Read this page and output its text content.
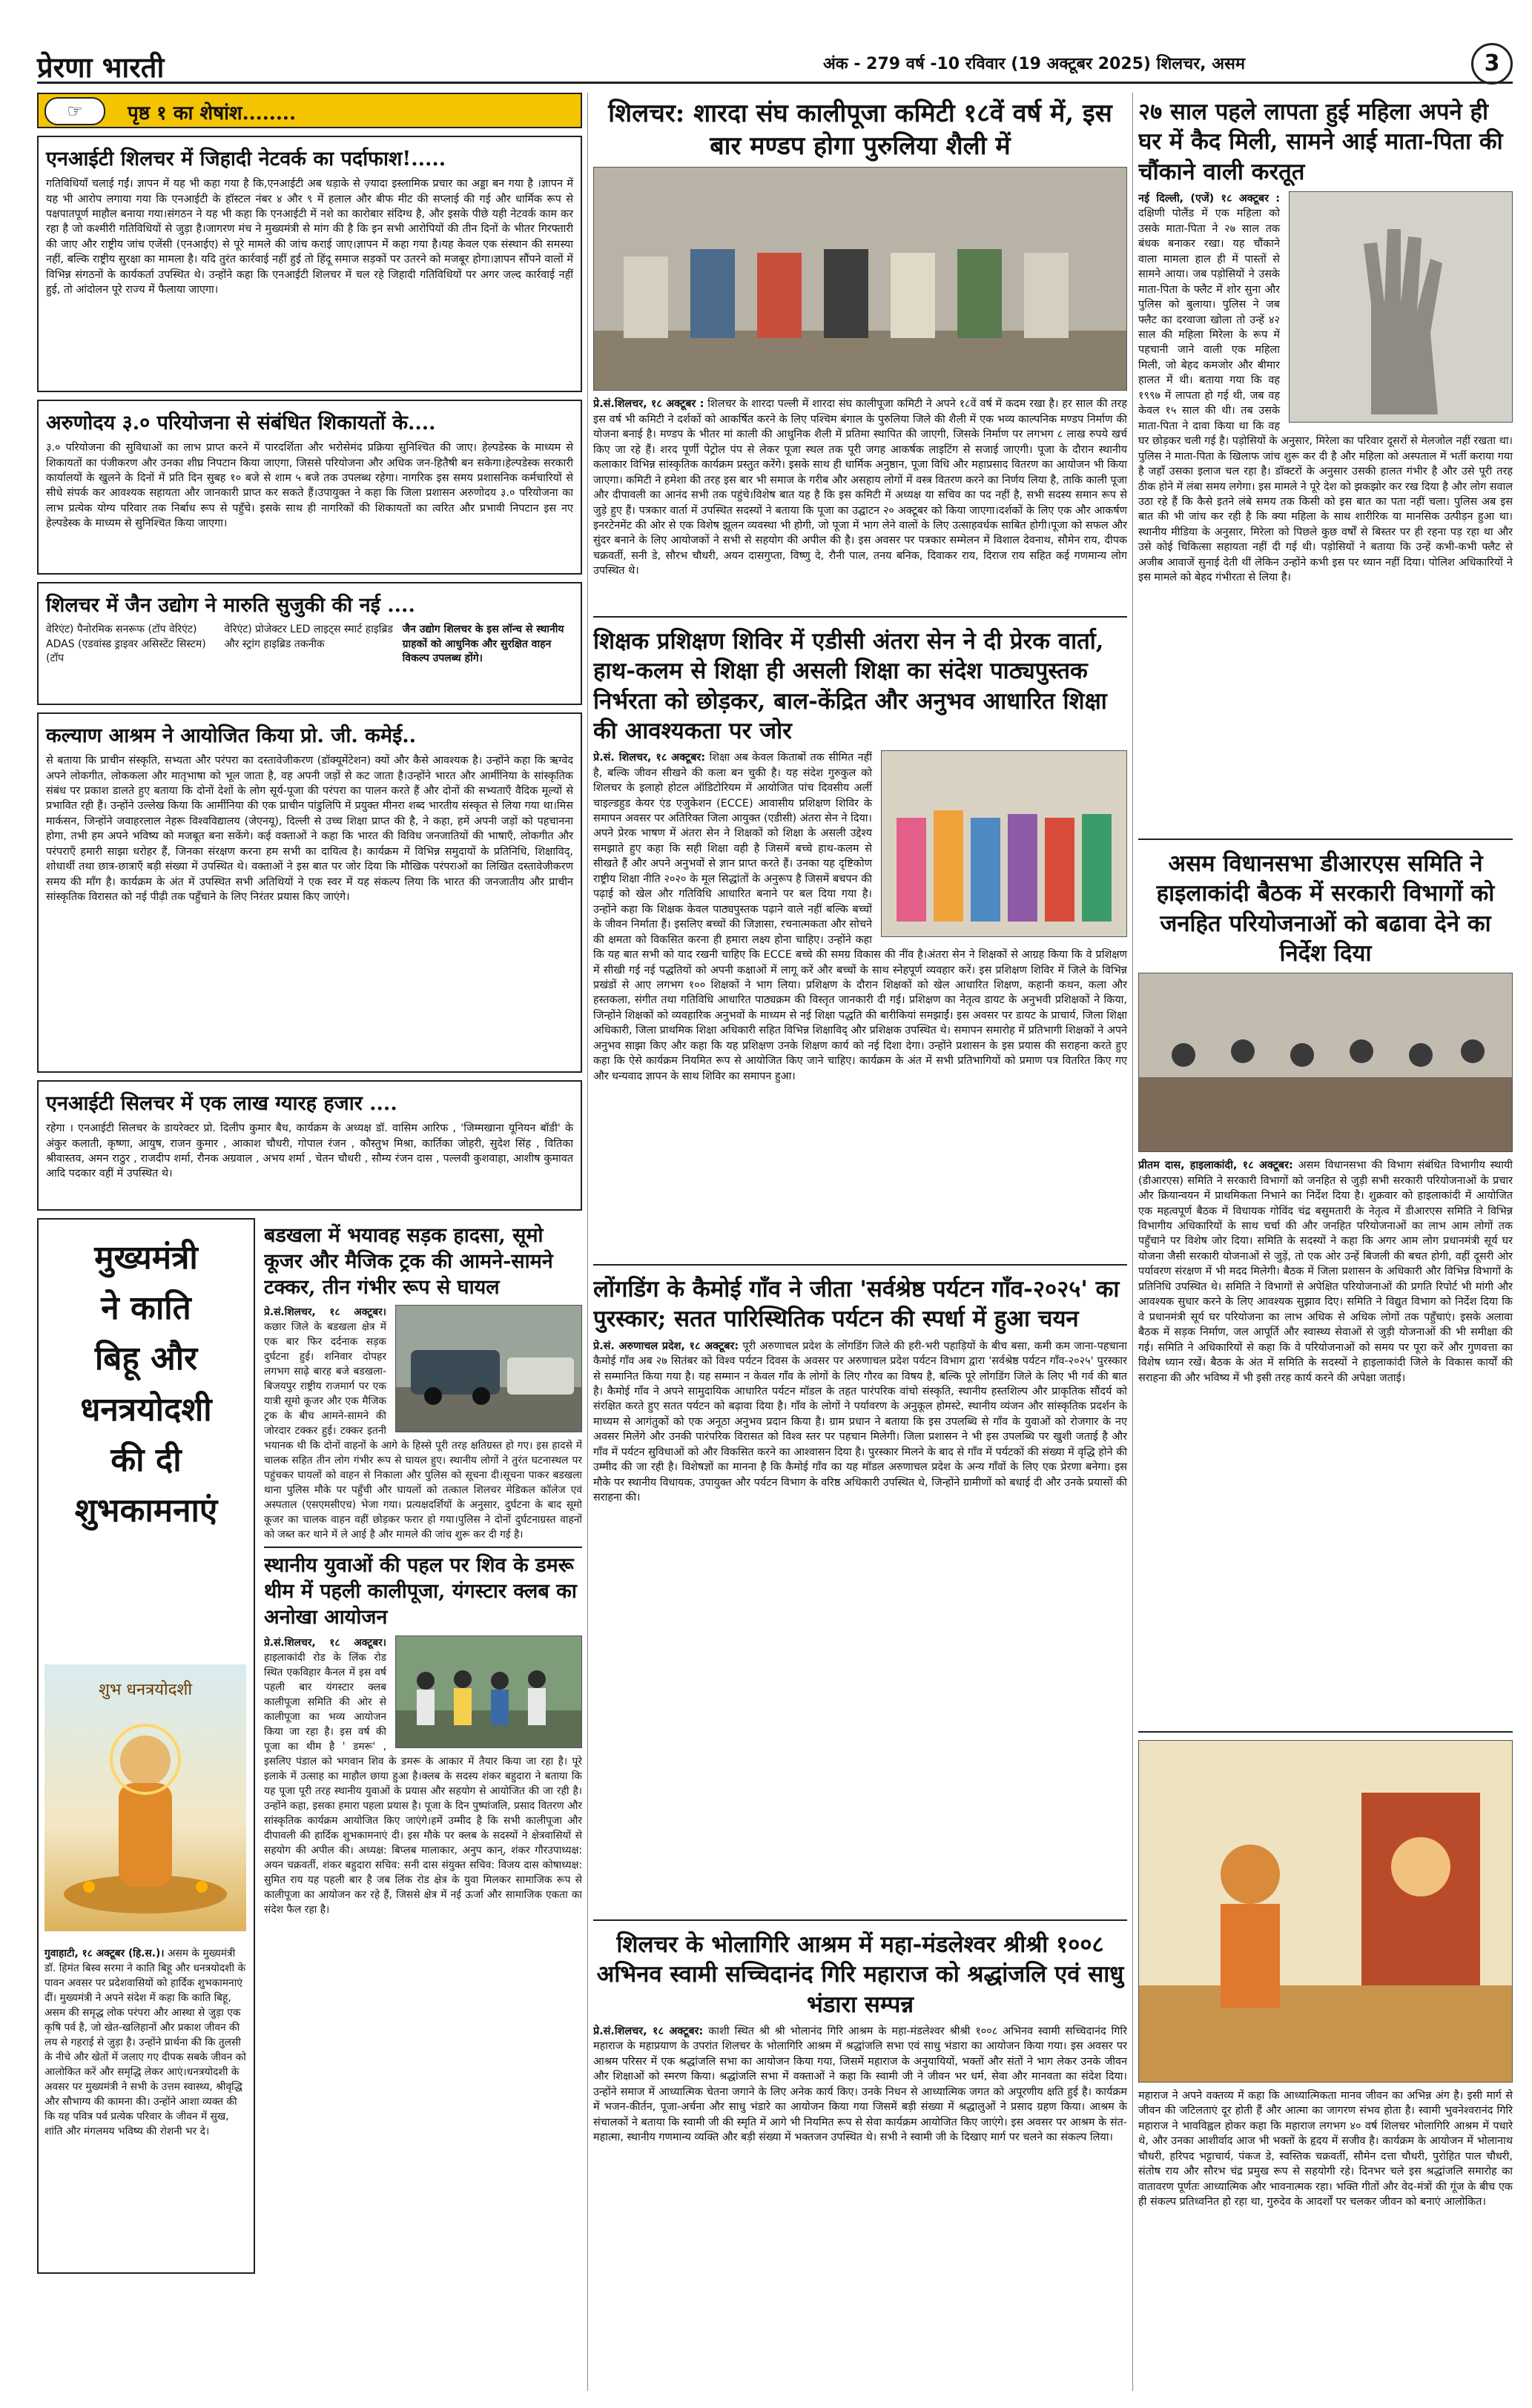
प्रेरणा भारती	अंक - 279 वर्ष -10 रविवार (19 अक्टूबर 2025) शिलचर, असम	3
☞	पृष्ठ १ का शेषांश........
एनआईटी शिलचर में जिहादी नेटवर्क का पर्दाफाश!.....

गतिविधियाँ चलाई गईं। ज्ञापन में यह भी कहा गया है कि,एनआईटी अब धड़ाके से ज़्यादा इस्लामिक प्रचार का अड्डा बन गया है ।ज्ञापन में यह भी आरोप लगाया गया कि एनआईटी के हॉस्टल नंबर ४ और ९ में हलाल और बीफ मीट की सप्लाई की गई और धार्मिक रूप से पक्षपातपूर्ण माहौल बनाया गया।संगठन ने यह भी कहा कि एनआईटी में नशे का कारोबार संदिग्ध है, और इसके पीछे यही नेटवर्क काम कर रहा है जो कश्मीरी गतिविधियों से जुड़ा है।जागरण मंच ने मुख्यमंत्री से मांग की है कि इन सभी आरोपियों की तीन दिनों के भीतर गिरफ्तारी की जाए और राष्ट्रीय जांच एजेंसी (एनआईए) से पूरे मामले की जांच कराई जाए।ज्ञापन में कहा गया है।यह केवल एक संस्थान की समस्या नहीं, बल्कि राष्ट्रीय सुरक्षा का मामला है। यदि तुरंत कार्रवाई नहीं हुई तो हिंदू समाज सड़कों पर उतरने को मजबूर होगा।ज्ञापन सौंपने वालों में विभिन्न संगठनों के कार्यकर्ता उपस्थित थे। उन्होंने कहा कि एनआईटी शिलचर में चल रहे जिहादी गतिविधियों पर अगर जल्द कार्रवाई नहीं हुई, तो आंदोलन पूरे राज्य में फैलाया जाएगा।

अरुणोदय ३.० परियोजना से संबंधित शिकायतों के....

३.० परियोजना की सुविधाओं का लाभ प्राप्त करने में पारदर्शिता और भरोसेमंद प्रक्रिया सुनिश्चित की जाए। हेल्पडेस्क के माध्यम से शिकायतों का पंजीकरण और उनका शीघ्र निपटान किया जाएगा, जिससे परियोजना और अधिक जन-हितैषी बन सकेगा।हेल्पडेस्क सरकारी कार्यालयों के खुलने के दिनों में प्रति दिन सुबह १० बजे से शाम ५ बजे तक उपलब्ध रहेगा। नागरिक इस समय प्रशासनिक कर्मचारियों से सीधे संपर्क कर आवश्यक सहायता और जानकारी प्राप्त कर सकते हैं।उपायुक्त ने कहा कि जिला प्रशासन अरुणोदय ३.० परियोजना का लाभ प्रत्येक योग्य परिवार तक निर्बाध रूप से पहुँचे। इसके साथ ही नागरिकों की शिकायतों का त्वरित और प्रभावी निपटान इस नए हेल्पडेस्क के माध्यम से सुनिश्चित किया जाएगा।

शिलचर में जैन उद्योग ने मारुति सुजुकी की नई ....
वेरिएंट) पैनोरमिक सनरूफ (टॉप वेरिएंट) ADAS (एडवांस्ड ड्राइवर असिस्टेंट सिस्टम) (टॉप
वेरिएंट) प्रोजेक्टर LED लाइट्स स्मार्ट हाइब्रिड और स्ट्रांग हाइब्रिड तकनीक
जैन उद्योग शिलचर के इस लॉन्च से स्थानीय ग्राहकों को आधुनिक और सुरक्षित वाहन विकल्प उपलब्ध होंगे।
कल्याण आश्रम ने आयोजित किया प्रो. जी. कमेई..

से बताया कि प्राचीन संस्कृति, सभ्यता और परंपरा का दस्तावेजीकरण (डॉक्यूमेंटेशन) क्यों और कैसे आवश्यक है। उन्होंने कहा कि ऋग्वेद अपने लोकगीत, लोककला और मातृभाषा को भूल जाता है, वह अपनी जड़ों से कट जाता है।उन्होंने भारत और आर्मीनिया के सांस्कृतिक संबंध पर प्रकाश डालते हुए बताया कि दोनों देशों के लोग सूर्य-पूजा की परंपरा का पालन करते हैं और दोनों की सभ्यताएँ वैदिक मूल्यों से प्रभावित रही हैं। उन्होंने उल्लेख किया कि आर्मीनिया की एक प्राचीन पांडुलिपि में प्रयुक्त मीनरा शब्द भारतीय संस्कृत से लिया गया था।मिस मार्कसन, जिन्होंने जवाहरलाल नेहरू विश्वविद्यालय (जेएनयू), दिल्ली से उच्च शिक्षा प्राप्त की है, ने कहा, हमें अपनी जड़ों को पहचानना होगा, तभी हम अपने भविष्य को मजबूत बना सकेंगे। कई वक्ताओं ने कहा कि भारत की विविध जनजातियों की भाषाएँ, लोकगीत और परंपराएँ हमारी साझा धरोहर हैं, जिनका संरक्षण करना हम सभी का दायित्व है। कार्यक्रम में विभिन्न समुदायों के प्रतिनिधि, शिक्षाविद्, शोधार्थी तथा छात्र-छात्राएँ बड़ी संख्या में उपस्थित थे। वक्ताओं ने इस बात पर जोर दिया कि मौखिक परंपराओं का लिखित दस्तावेजीकरण समय की माँग है। कार्यक्रम के अंत में उपस्थित सभी अतिथियों ने एक स्वर में यह संकल्प लिया कि भारत की जनजातीय और प्राचीन सांस्कृतिक विरासत को नई पीढ़ी तक पहुँचाने के लिए निरंतर प्रयास किए जाएंगे।

एनआईटी सिलचर में एक लाख ग्यारह हजार ....

रहेगा । एनआईटी सिलचर के डायरेक्टर प्रो. दिलीप कुमार बैध, कार्यक्रम के अध्यक्ष डॉ. वासिम आरिफ , 'जिम्मखाना यूनियन बॉडी' के अंकुर कलाती, कृष्णा, आयुष, राजन कुमार , आकाश चौधरी, गोपाल रंजन , कौस्तुभ मिश्रा, कार्तिका जोहरी, सुदेश सिंह , वितिका श्रीवास्तव, अमन राठुर , राजदीप शर्मा, रौनक अग्रवाल , अभय शर्मा , चेतन चौधरी , सौम्य रंजन दास , पल्लवी कुशवाहा, आशीष कुमावत आदि पदकार वहीं में उपस्थित थे।

मुख्यमंत्री
ने काति
बिहू और
धनत्रयोदशी
की दी
शुभकामनाएं
शुभ धनत्रयोदशी
गुवाहाटी, १८ अक्टूबर (हि.स.)। असम के मुख्यमंत्री डॉ. हिमंत बिस्व सरमा ने काति बिहू और धनत्रयोदशी के पावन अवसर पर प्रदेशवासियों को हार्दिक शुभकामनाएं दीं। मुख्यमंत्री ने अपने संदेश में कहा कि काति बिहू, असम की समृद्ध लोक परंपरा और आस्था से जुड़ा एक कृषि पर्व है, जो खेत-खलिहानों और प्रकाश जीवन की लय से गहराई से जुड़ा है। उन्होंने प्रार्थना की कि तुलसी के नीचे और खेतों में जलाए गए दीपक सबके जीवन को आलोकित करें और समृद्धि लेकर आएं।धनत्रयोदशी के अवसर पर मुख्यमंत्री ने सभी के उत्तम स्वास्थ्य, श्रीवृद्धि और सौभाग्य की कामना की। उन्होंने आशा व्यक्त की कि यह पवित्र पर्व प्रत्येक परिवार के जीवन में सुख, शांति और मंगलमय भविष्य की रोशनी भर दे।
बडखला में भयावह सड़क हादसा, सूमो कूजर और मैजिक ट्रक की आमने-सामने टक्कर, तीन गंभीर रूप से घायल

प्रे.सं.शिलचर, १८ अक्टूबर। कछार जिले के बडखला क्षेत्र में एक बार फिर दर्दनाक सड़क दुर्घटना हुई। शनिवार दोपहर लगभग साढ़े बारह बजे बडखला-बिजयपुर राष्ट्रीय राजमार्ग पर एक यात्री सूमो कूजर और एक मैजिक ट्रक के बीच आमने-सामने की जोरदार टक्कर हुई। टक्कर इतनी भयानक थी कि दोनों वाहनों के आगे के हिस्से पूरी तरह क्षतिग्रस्त हो गए। इस हादसे में चालक सहित तीन लोग गंभीर रूप से घायल हुए। स्थानीय लोगों ने तुरंत घटनास्थल पर पहुंचकर घायलों को वाहन से निकाला और पुलिस को सूचना दी।सूचना पाकर बडखला थाना पुलिस मौके पर पहुँची और घायलों को तत्काल शिलचर मेडिकल कॉलेज एवं अस्पताल (एसएमसीएच) भेजा गया। प्रत्यक्षदर्शियों के अनुसार, दुर्घटना के बाद सूमो कूजर का चालक वाहन वहीं छोड़कर फरार हो गया।पुलिस ने दोनों दुर्घटनाग्रस्त वाहनों को जब्त कर थाने में ले आई है और मामले की जांच शुरू कर दी गई है।

स्थानीय युवाओं की पहल पर शिव के डमरू थीम में पहली कालीपूजा, यंगस्टार क्लब का अनोखा आयोजन

प्रे.सं.शिलचर, १८ अक्टूबर। हाइलाकांदी रोड के लिंक रोड स्थित एकविहार कैनल में इस वर्ष पहली बार यंगस्टार क्लब कालीपूजा समिति की ओर से कालीपूजा का भव्य आयोजन किया जा रहा है। इस वर्ष की पूजा का थीम है ' डमरू' , इसलिए पंडाल को भगवान शिव के डमरू के आकार में तैयार किया जा रहा है। पूरे इलाके में उत्साह का माहौल छाया हुआ है।क्लब के सदस्य शंकर बहुदारा ने बताया कि यह पूजा पूरी तरह स्थानीय युवाओं के प्रयास और सहयोग से आयोजित की जा रही है। उन्होंने कहा, इसका हमारा पहला प्रयास है। पूजा के दिन पुष्पांजलि, प्रसाद वितरण और सांस्कृतिक कार्यक्रम आयोजित किए जाएंगे।हमें उम्मीद है कि सभी कालीपूजा और दीपावली की हार्दिक शुभकामनाएं दी। इस मौके पर क्लब के सदस्यों ने क्षेत्रवासियों से सहयोग की अपील की। अध्यक्ष: बिप्लब मालाकार, अनुप कान्, शंकर गौरउपाध्यक्ष: अयन चक्रवर्ती, शंकर बहुदारा सचिव: सनी दास संयुक्त सचिव: विजय दास कोषाध्यक्ष: सुमित राय यह पहली बार है जब लिंक रोड क्षेत्र के युवा मिलकर सामाजिक रूप से कालीपूजा का आयोजन कर रहे हैं, जिससे क्षेत्र में नई ऊर्जा और सामाजिक एकता का संदेश फैल रहा है।

शिलचर: शारदा संघ कालीपूजा कमिटी १८वें वर्ष में, इस बार मण्डप होगा पुरुलिया शैली में

प्रे.सं.शिलचर, १८ अक्टूबर : शिलचर के शारदा पल्ली में शारदा संघ कालीपूजा कमिटी ने अपने १८वें वर्ष में कदम रखा है। हर साल की तरह इस वर्ष भी कमिटी ने दर्शकों को आकर्षित करने के लिए पश्चिम बंगाल के पुरुलिया जिले की शैली में एक भव्य काल्पनिक मण्डप निर्माण की योजना बनाई है। मण्डप के भीतर मां काली की आधुनिक शैली में प्रतिमा स्थापित की जाएगी, जिसके निर्माण पर लगभग ८ लाख रुपये खर्च किए जा रहे हैं। शरद पूर्णी पेट्रोल पंप से लेकर पूजा स्थल तक पूरी जगह आकर्षक लाइटिंग से सजाई जाएगी। पूजा के दौरान स्थानीय कलाकार विभिन्न सांस्कृतिक कार्यक्रम प्रस्तुत करेंगे। इसके साथ ही धार्मिक अनुष्ठान, पूजा विधि और महाप्रसाद वितरण का आयोजन भी किया जाएगा। कमिटी ने हमेशा की तरह इस बार भी समाज के गरीब और असहाय लोगों में वस्त्र वितरण करने का निर्णय लिया है, ताकि काली पूजा और दीपावली का आनंद सभी तक पहुंचे।विशेष बात यह है कि इस कमिटी में अध्यक्ष या सचिव का पद नहीं है, सभी सदस्य समान रूप से जुड़े हुए हैं। पत्रकार वार्ता में उपस्थित सदस्यों ने बताया कि पूजा का उद्घाटन २० अक्टूबर को किया जाएगा।दर्शकों के लिए एक और आकर्षण इनरटेनमेंट की ओर से एक विशेष झूलन व्यवस्था भी होगी, जो पूजा में भाग लेने वालों के लिए उत्साहवर्धक साबित होगी।पूजा को सफल और सुंदर बनाने के लिए आयोजकों ने सभी से सहयोग की अपील की है। इस अवसर पर पत्रकार सम्मेलन में विशाल देवनाथ, सौमेन राय, दीपक चक्रवर्ती, सनी डे, सौरभ चौधरी, अयन दासगुप्ता, विष्णु दे, रौनी पाल, तनय बनिक, दिवाकर राय, दिराज राय सहित कई गणमान्य लोग उपस्थित थे।

शिक्षक प्रशिक्षण शिविर में एडीसी अंतरा सेन ने दी प्रेरक वार्ता, हाथ-कलम से शिक्षा ही असली शिक्षा का संदेश पाठ्यपुस्तक निर्भरता को छोड़कर, बाल-केंद्रित और अनुभव आधारित शिक्षा की आवश्यकता पर जोर

प्रे.सं. शिलचर, १८ अक्टूबर: शिक्षा अब केवल किताबों तक सीमित नहीं है, बल्कि जीवन सीखने की कला बन चुकी है। यह संदेश गुरुकुल को शिलचर के इलाहो होटल ऑडिटोरियम में आयोजित पांच दिवसीय अर्ली चाइल्डहुड केयर एंड एजुकेशन (ECCE) आवासीय प्रशिक्षण शिविर के समापन अवसर पर अतिरिक्त जिला आयुक्त (एडीसी) अंतरा सेन ने दिया। अपने प्रेरक भाषण में अंतरा सेन ने शिक्षकों को शिक्षा के असली उद्देश्य समझाते हुए कहा कि सही शिक्षा वही है जिसमें बच्चे हाथ-कलम से सीखते हैं और अपने अनुभवों से ज्ञान प्राप्त करते हैं। उनका यह दृष्टिकोण राष्ट्रीय शिक्षा नीति २०२० के मूल सिद्धांतों के अनुरूप है जिसमें बचपन की पढ़ाई को खेल और गतिविधि आधारित बनाने पर बल दिया गया है। उन्होंने कहा कि शिक्षक केवल पाठ्यपुस्तक पढ़ाने वाले नहीं बल्कि बच्चों के जीवन निर्माता हैं। इसलिए बच्चों की जिज्ञासा, रचनात्मकता और सोचने की क्षमता को विकसित करना ही हमारा लक्ष्य होना चाहिए। उन्होंने कहा कि यह बात सभी को याद रखनी चाहिए कि ECCE बच्चे की समग्र विकास की नींव है।अंतरा सेन ने शिक्षकों से आग्रह किया कि वे प्रशिक्षण में सीखी गई नई पद्धतियों को अपनी कक्षाओं में लागू करें और बच्चों के साथ स्नेहपूर्ण व्यवहार करें। इस प्रशिक्षण शिविर में जिले के विभिन्न प्रखंडों से आए लगभग १०० शिक्षकों ने भाग लिया। प्रशिक्षण के दौरान शिक्षकों को खेल आधारित शिक्षण, कहानी कथन, कला और हस्तकला, संगीत तथा गतिविधि आधारित पाठ्यक्रम की विस्तृत जानकारी दी गई। प्रशिक्षण का नेतृत्व डायट के अनुभवी प्रशिक्षकों ने किया, जिन्होंने शिक्षकों को व्यवहारिक अनुभवों के माध्यम से नई शिक्षा पद्धति की बारीकियां समझाईं। इस अवसर पर डायट के प्राचार्य, जिला शिक्षा अधिकारी, जिला प्राथमिक शिक्षा अधिकारी सहित विभिन्न शिक्षाविद् और प्रशिक्षक उपस्थित थे। समापन समारोह में प्रतिभागी शिक्षकों ने अपने अनुभव साझा किए और कहा कि यह प्रशिक्षण उनके शिक्षण कार्य को नई दिशा देगा। उन्होंने प्रशासन के इस प्रयास की सराहना करते हुए कहा कि ऐसे कार्यक्रम नियमित रूप से आयोजित किए जाने चाहिए। कार्यक्रम के अंत में सभी प्रतिभागियों को प्रमाण पत्र वितरित किए गए और धन्यवाद ज्ञापन के साथ शिविर का समापन हुआ।

लोंगडिंग के कैमोई गाँव ने जीता 'सर्वश्रेष्ठ पर्यटन गाँव-२०२५' का पुरस्कार; सतत पारिस्थितिक पर्यटन की स्पर्धा में हुआ चयन

प्रे.सं. अरुणाचल प्रदेश, १८ अक्टूबर: पूरी अरुणाचल प्रदेश के लोंगडिंग जिले की हरी-भरी पहाड़ियों के बीच बसा, कमी कम जाना-पहचाना कैमोई गाँव अब २७ सितंबर को विश्व पर्यटन दिवस के अवसर पर अरुणाचल प्रदेश पर्यटन विभाग द्वारा 'सर्वश्रेष्ठ पर्यटन गाँव-२०२५' पुरस्कार से सम्मानित किया गया है। यह सम्मान न केवल गाँव के लोगों के लिए गौरव का विषय है, बल्कि पूरे लोंगडिंग जिले के लिए भी गर्व की बात है। कैमोई गाँव ने अपने सामुदायिक आधारित पर्यटन मॉडल के तहत पारंपरिक वांचो संस्कृति, स्थानीय हस्तशिल्प और प्राकृतिक सौंदर्य को संरक्षित करते हुए सतत पर्यटन को बढ़ावा दिया है। गाँव के लोगों ने पर्यावरण के अनुकूल होमस्टे, स्थानीय व्यंजन और सांस्कृतिक प्रदर्शन के माध्यम से आगंतुकों को एक अनूठा अनुभव प्रदान किया है। ग्राम प्रधान ने बताया कि इस उपलब्धि से गाँव के युवाओं को रोजगार के नए अवसर मिलेंगे और उनकी पारंपरिक विरासत को विश्व स्तर पर पहचान मिलेगी। जिला प्रशासन ने भी इस उपलब्धि पर खुशी जताई है और गाँव में पर्यटन सुविधाओं को और विकसित करने का आश्वासन दिया है। पुरस्कार मिलने के बाद से गाँव में पर्यटकों की संख्या में वृद्धि होने की उम्मीद की जा रही है। विशेषज्ञों का मानना है कि कैमोई गाँव का यह मॉडल अरुणाचल प्रदेश के अन्य गाँवों के लिए एक प्रेरणा बनेगा। इस मौके पर स्थानीय विधायक, उपायुक्त और पर्यटन विभाग के वरिष्ठ अधिकारी उपस्थित थे, जिन्होंने ग्रामीणों को बधाई दी और उनके प्रयासों की सराहना की।

शिलचर के भोलागिरि आश्रम में महा-मंडलेश्वर श्रीश्री १००८ अभिनव स्वामी सच्चिदानंद गिरि महाराज को श्रद्धांजलि एवं साधु भंडारा सम्पन्न

प्रे.सं.शिलचर, १८ अक्टूबर: काशी स्थित श्री श्री भोलानंद गिरि आश्रम के महा-मंडलेश्वर श्रीश्री १००८ अभिनव स्वामी सच्चिदानंद गिरि महाराज के महाप्रयाण के उपरांत शिलचर के भोलागिरि आश्रम में श्रद्धांजलि सभा एवं साधु भंडारा का आयोजन किया गया। इस अवसर पर आश्रम परिसर में एक श्रद्धांजलि सभा का आयोजन किया गया, जिसमें महाराज के अनुयायियों, भक्तों और संतों ने भाग लेकर उनके जीवन और शिक्षाओं को स्मरण किया। श्रद्धांजलि सभा में वक्ताओं ने कहा कि स्वामी जी ने जीवन भर धर्म, सेवा और मानवता का संदेश दिया। उन्होंने समाज में आध्यात्मिक चेतना जगाने के लिए अनेक कार्य किए। उनके निधन से आध्यात्मिक जगत को अपूरणीय क्षति हुई है। कार्यक्रम में भजन-कीर्तन, पूजा-अर्चना और साधु भंडारे का आयोजन किया गया जिसमें बड़ी संख्या में श्रद्धालुओं ने प्रसाद ग्रहण किया। आश्रम के संचालकों ने बताया कि स्वामी जी की स्मृति में आगे भी नियमित रूप से सेवा कार्यक्रम आयोजित किए जाएंगे। इस अवसर पर आश्रम के संत-महात्मा, स्थानीय गणमान्य व्यक्ति और बड़ी संख्या में भक्तजन उपस्थित थे। सभी ने स्वामी जी के दिखाए मार्ग पर चलने का संकल्प लिया।

२७ साल पहले लापता हुई महिला अपने ही घर में कैद मिली, सामने आई माता-पिता की चौंकाने वाली करतूत

नई दिल्ली, (एजें) १८ अक्टूबर : दक्षिणी पोलैंड में एक महिला को उसके माता-पिता ने २७ साल तक बंधक बनाकर रखा। यह चौंकाने वाला मामला हाल ही में पास्तों से सामने आया। जब पड़ोसियों ने उसके माता-पिता के फ्लैट में शोर सुना और पुलिस को बुलाया। पुलिस ने जब फ्लैट का दरवाजा खोला तो उन्हें ४२ साल की महिला मिरेला के रूप में पहचानी जाने वाली एक महिला मिली, जो बेहद कमजोर और बीमार हालत में थी। बताया गया कि वह १९९७ में लापता हो गई थी, जब वह केवल १५ साल की थी। तब उसके माता-पिता ने दावा किया था कि वह घर छोड़कर चली गई है। पड़ोसियों के अनुसार, मिरेला का परिवार दूसरों से मेलजोल नहीं रखता था। पुलिस ने माता-पिता के खिलाफ जांच शुरू कर दी है और महिला को अस्पताल में भर्ती कराया गया है जहाँ उसका इलाज चल रहा है। डॉक्टरों के अनुसार उसकी हालत गंभीर है और उसे पूरी तरह ठीक होने में लंबा समय लगेगा। इस मामले ने पूरे देश को झकझोर कर रख दिया है और लोग सवाल उठा रहे हैं कि कैसे इतने लंबे समय तक किसी को इस बात का पता नहीं चला। पुलिस अब इस बात की भी जांच कर रही है कि क्या महिला के साथ शारीरिक या मानसिक उत्पीड़न हुआ था। स्थानीय मीडिया के अनुसार, मिरेला को पिछले कुछ वर्षों से बिस्तर पर ही रहना पड़ रहा था और उसे कोई चिकित्सा सहायता नहीं दी गई थी। पड़ोसियों ने बताया कि उन्हें कभी-कभी फ्लैट से अजीब आवाजें सुनाई देती थीं लेकिन उन्होंने कभी इस पर ध्यान नहीं दिया। पोलिश अधिकारियों ने इस मामले को बेहद गंभीरता से लिया है।

असम विधानसभा डीआरएस समिति ने हाइलाकांदी बैठक में सरकारी विभागों को जनहित परियोजनाओं को बढावा देने का निर्देश दिया

प्रीतम दास, हाइलाकांदी, १८ अक्टूबर: असम विधानसभा की विभाग संबंधित विभागीय स्थायी (डीआरएस) समिति ने सरकारी विभागों को जनहित से जुड़ी सभी सरकारी परियोजनाओं के प्रचार और क्रियान्वयन में प्राथमिकता निभाने का निर्देश दिया है। शुक्रवार को हाइलाकांदी में आयोजित एक महत्वपूर्ण बैठक में विधायक गोविंद चंद्र बसुमतारी के नेतृत्व में डीआरएस समिति ने विभिन्न विभागीय अधिकारियों के साथ चर्चा की और जनहित परियोजनाओं का लाभ आम लोगों तक पहुँचाने पर विशेष जोर दिया। समिति के सदस्यों ने कहा कि अगर आम लोग प्रधानमंत्री सूर्य घर योजना जैसी सरकारी योजनाओं से जुड़ें, तो एक ओर उन्हें बिजली की बचत होगी, वहीं दूसरी ओर पर्यावरण संरक्षण में भी मदद मिलेगी। बैठक में जिला प्रशासन के अधिकारी और विभिन्न विभागों के प्रतिनिधि उपस्थित थे। समिति ने विभागों से अपेक्षित परियोजनाओं की प्रगति रिपोर्ट भी मांगी और आवश्यक सुधार करने के लिए आवश्यक सुझाव दिए। समिति ने विद्युत विभाग को निर्देश दिया कि वे प्रधानमंत्री सूर्य घर परियोजना का लाभ अधिक से अधिक लोगों तक पहुँचाएं। इसके अलावा बैठक में सड़क निर्माण, जल आपूर्ति और स्वास्थ्य सेवाओं से जुड़ी योजनाओं की भी समीक्षा की गई। समिति ने अधिकारियों से कहा कि वे परियोजनाओं को समय पर पूरा करें और गुणवत्ता का विशेष ध्यान रखें। बैठक के अंत में समिति के सदस्यों ने हाइलाकांदी जिले के विकास कार्यों की सराहना की और भविष्य में भी इसी तरह कार्य करने की अपेक्षा जताई।

महाराज ने अपने वक्तव्य में कहा कि आध्यात्मिकता मानव जीवन का अभिन्न अंग है। इसी मार्ग से जीवन की जटिलताएं दूर होती हैं और आत्मा का जागरण संभव होता है। स्वामी भुवनेश्वरानंद गिरि महाराज ने भावविह्वल होकर कहा कि महाराज लगभग ४० वर्ष शिलचर भोलागिरि आश्रम में पधारे थे, और उनका आशीर्वाद आज भी भक्तों के हृदय में सजीव है। कार्यक्रम के आयोजन में भोलानाथ चौधरी, हरिपद भट्टाचार्य, पंकज डे, स्वस्तिक चक्रवर्ती, सौमेन दत्ता चौधरी, पुरोहित पाल चौधरी, संतोष राय और सौरभ चंद्र प्रमुख रूप से सहयोगी रहे। दिनभर चले इस श्रद्धांजलि समारोह का वातावरण पूर्णतः आध्यात्मिक और भावनात्मक रहा। भक्ति गीतों और वेद-मंत्रों की गूंज के बीच एक ही संकल्प प्रतिध्वनित हो रहा था, गुरुदेव के आदर्शों पर चलकर जीवन को बनाएं आलोकित।
